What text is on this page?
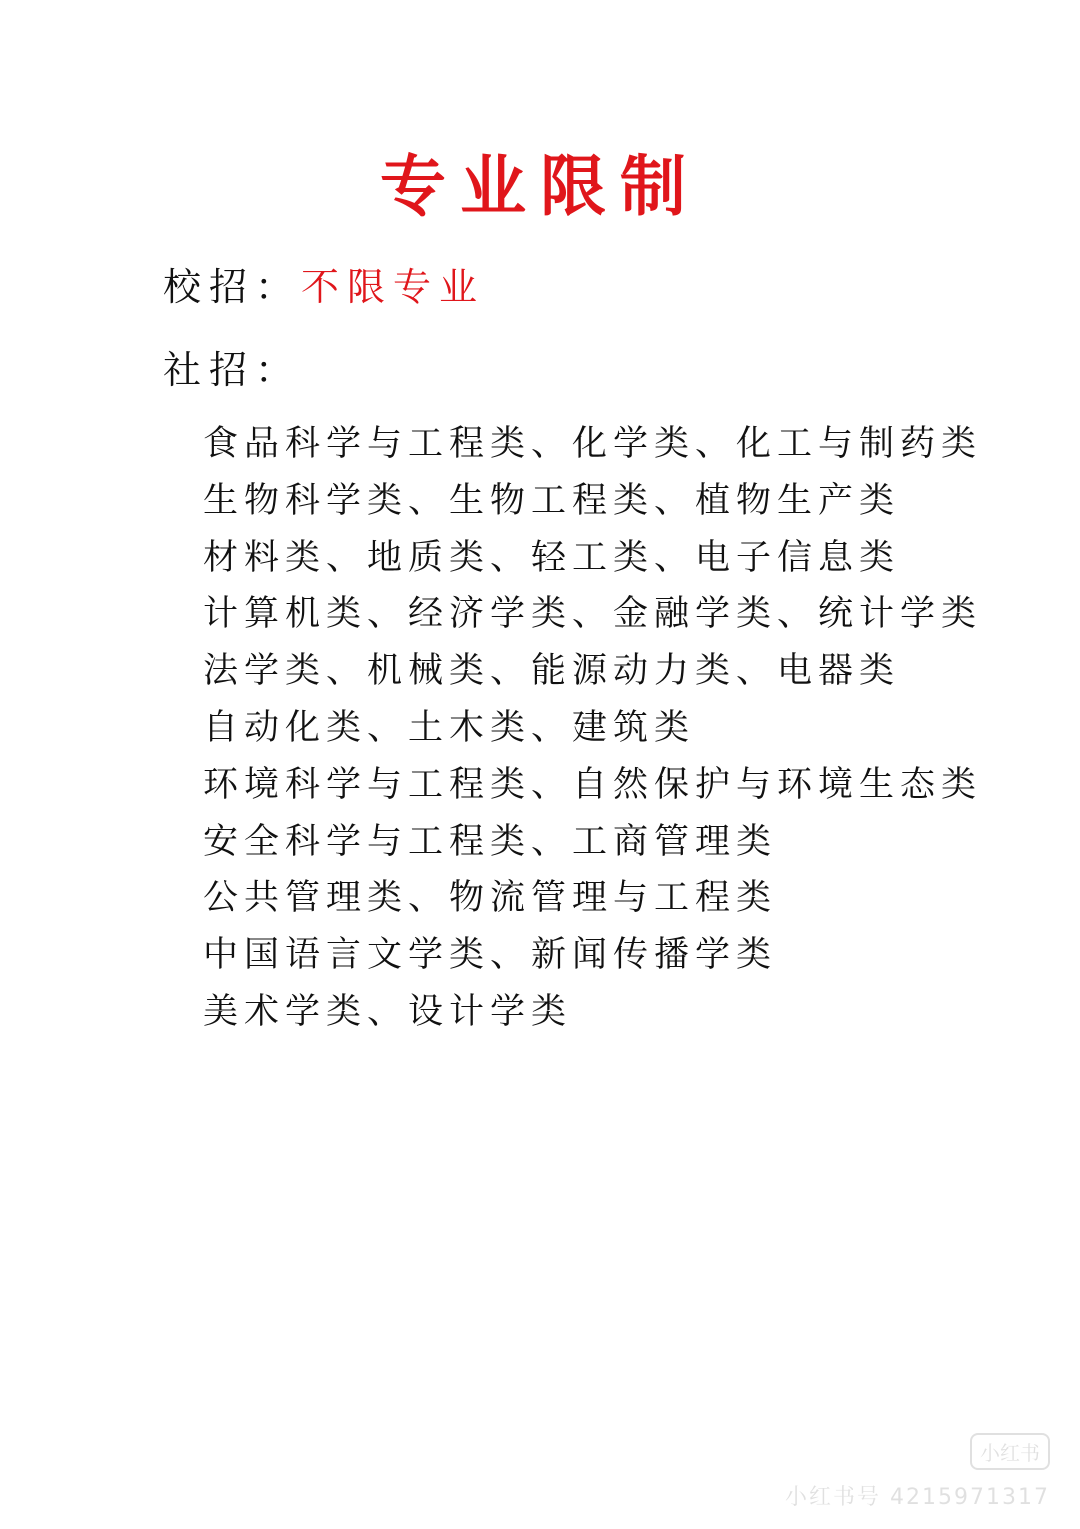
专业限制
校招：不限专业
社招：
食品科学与工程类、化学类、化工与制药类
生物科学类、生物工程类、植物生产类
材料类、地质类、轻工类、电子信息类
计算机类、经济学类、金融学类、统计学类
法学类、机械类、能源动力类、电器类
自动化类、土木类、建筑类
环境科学与工程类、自然保护与环境生态类
安全科学与工程类、工商管理类
公共管理类、物流管理与工程类
中国语言文学类、新闻传播学类
美术学类、设计学类
小红书
小红书号 4215971317
